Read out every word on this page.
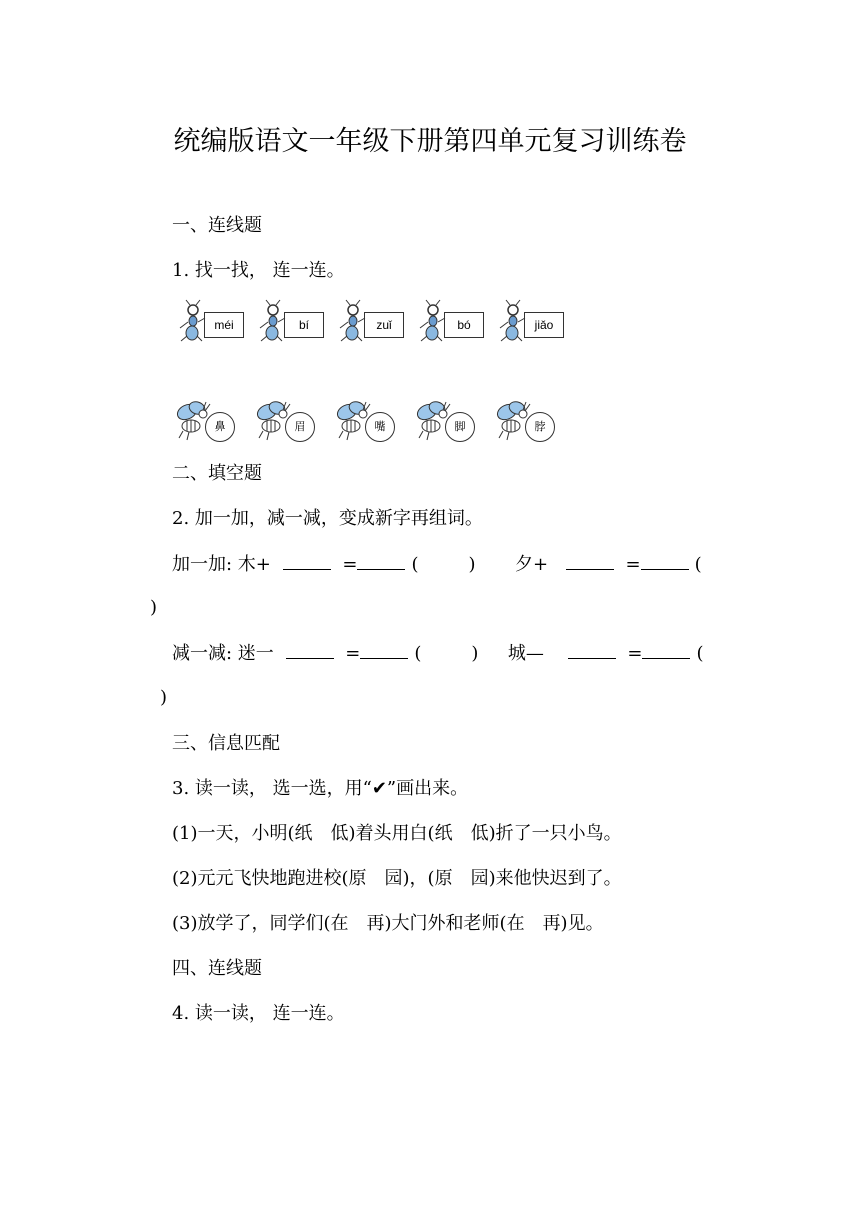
统编版语文一年级下册第四单元复习训练卷
一、连线题
1. 找一找， 连一连。
méi	bí	zuǐ	bó	jiǎo
鼻	眉	嘴	脚	脖
二、填空题
2. 加一加，减一减，变成新字再组词。
加一加: 木+	=	(	) 夕+	=	(
)
减一减: 迷一	=	(	) 城—	=	(
)
三、信息匹配
3. 读一读， 选一选，用“✔”画出来。
(1)一天，小明(纸　低)着头用白(纸　低)折了一只小鸟。
(2)元元飞快地跑进校(原　园)，(原　园)来他快迟到了。
(3)放学了，同学们(在　再)大门外和老师(在　再)见。
四、连线题
4. 读一读， 连一连。
